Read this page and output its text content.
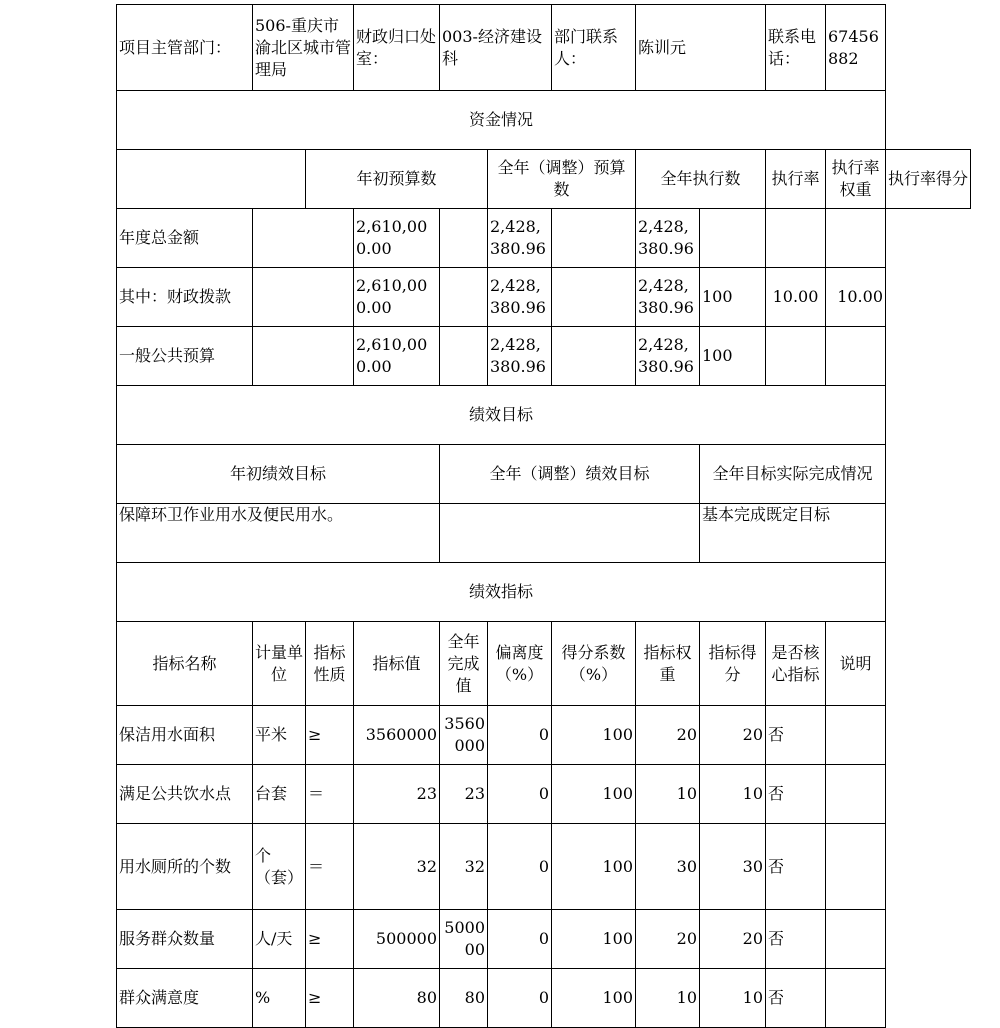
项目主管部门：	506-重庆市渝北区城市管理局		财政归口处室：	003-经济建设科		部门联系人：	陈训元		联系电话：	67456882	
资金情况											
		年初预算数			全年（调整）预算数		全年执行数		执行率	执行率权重	执行率得分
年度总金额			2,610,000.00		2,428,380.96		2,428,380.96				
其中：财政拨款			2,610,000.00		2,428,380.96		2,428,380.96	100	10.00	10.00	
一般公共预算			2,610,000.00		2,428,380.96		2,428,380.96	100			
绩效目标											
年初绩效目标				全年（调整）绩效目标				全年目标实际完成情况			
保障环卫作业用水及便民用水。								基本完成既定目标			
绩效指标											
指标名称	计量单位	指标性质	指标值	全年完成值	偏离度（%）	得分系数（%）	指标权重	指标得分	是否核心指标	说明	
保洁用水面积	平米	≥	3560000	3560000	0	100	20	20	否		
满足公共饮水点	台套	＝	23	23	0	100	10	10	否		
用水厕所的个数	个（套）	＝	32	32	0	100	30	30	否		
服务群众数量	人/天	≥	500000	500000	0	100	20	20	否		
群众满意度	%	≥	80	80	0	100	10	10	否		
